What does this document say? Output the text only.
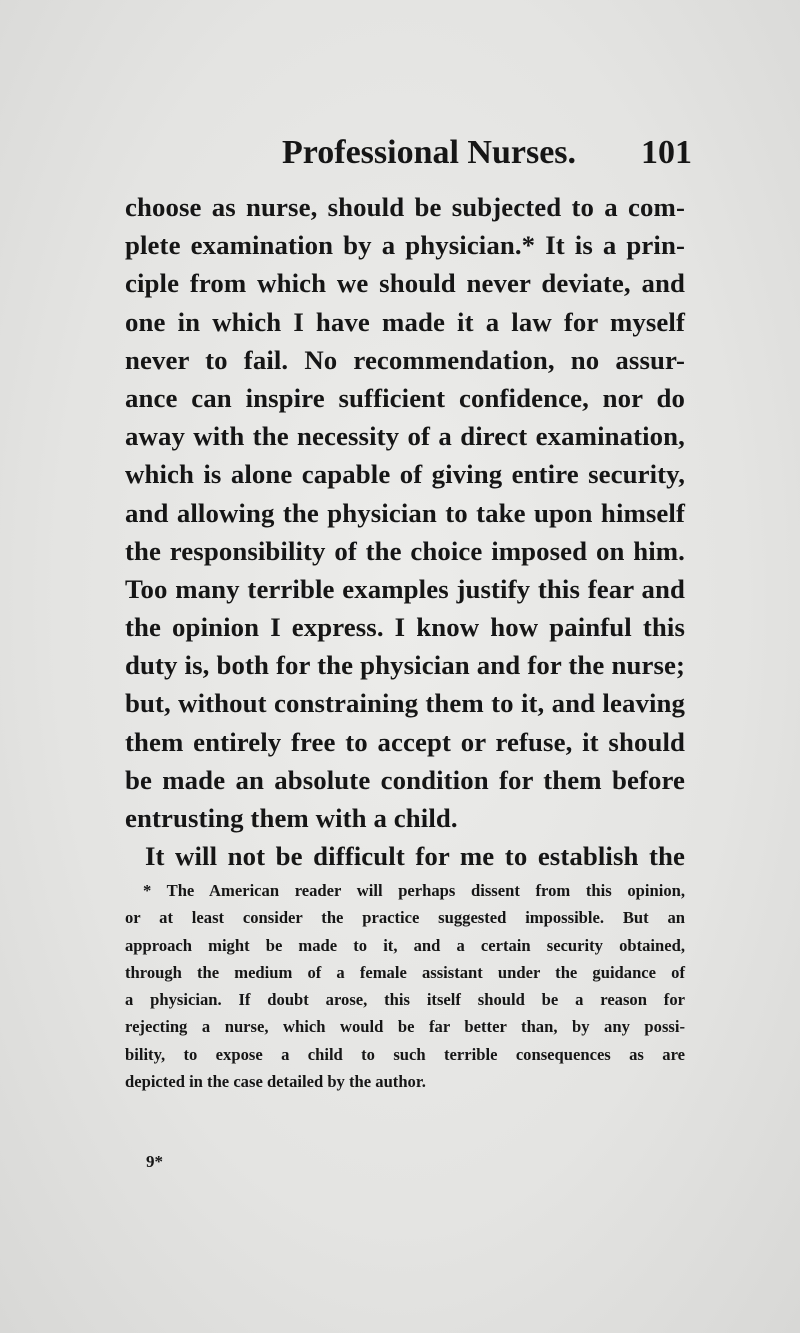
Professional Nurses. 101
choose as nurse, should be subjected to a com-
plete examination by a physician.* It is a prin-
ciple from which we should never deviate, and
one in which I have made it a law for myself
never to fail. No recommendation, no assur-
ance can inspire sufficient confidence, nor do
away with the necessity of a direct examination,
which is alone capable of giving entire security,
and allowing the physician to take upon himself
the responsibility of the choice imposed on him.
Too many terrible examples justify this fear and
the opinion I express. I know how painful this
duty is, both for the physician and for the nurse;
but, without constraining them to it, and leaving
them entirely free to accept or refuse, it should
be made an absolute condition for them before
entrusting them with a child.
It will not be difficult for me to establish the
* The American reader will perhaps dissent from this opinion,
or at least consider the practice suggested impossible. But an
approach might be made to it, and a certain security obtained,
through the medium of a female assistant under the guidance of
a physician. If doubt arose, this itself should be a reason for
rejecting a nurse, which would be far better than, by any possi-
bility, to expose a child to such terrible consequences as are
depicted in the case detailed by the author.
9*
